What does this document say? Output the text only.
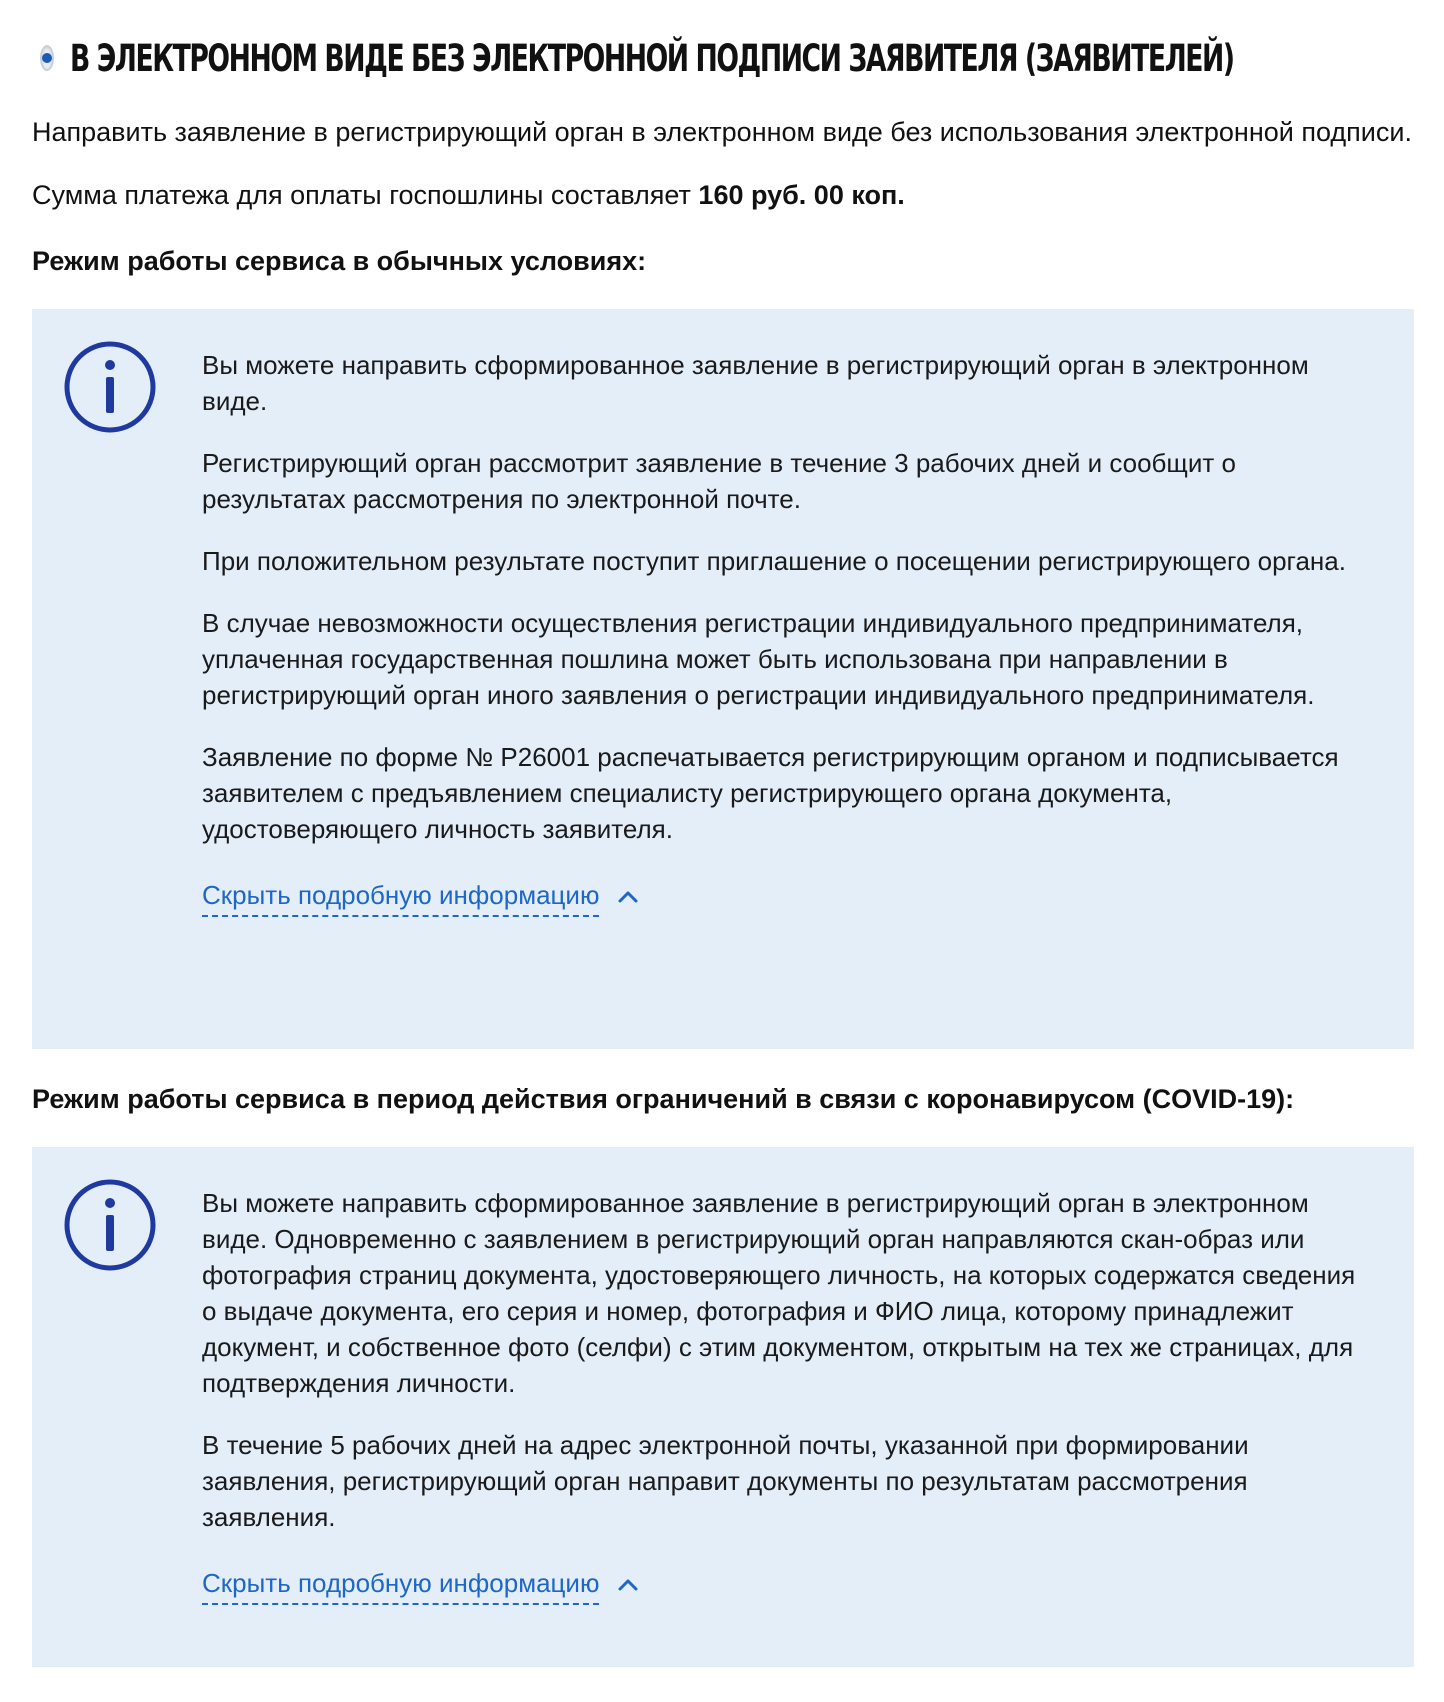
В ЭЛЕКТРОННОМ ВИДЕ БЕЗ ЭЛЕКТРОННОЙ ПОДПИСИ ЗАЯВИТЕЛЯ (ЗАЯВИТЕЛЕЙ)

Направить заявление в регистрирующий орган в электронном виде без использования электронной подписи.

Сумма платежа для оплаты госпошлины составляет 160 руб. 00 коп.

Режим работы сервиса в обычных условиях:

Вы можете направить сформированное заявление в регистрирующий орган в электронном виде.

Регистрирующий орган рассмотрит заявление в течение 3 рабочих дней и сообщит о результатах рассмотрения по электронной почте.

При положительном результате поступит приглашение о посещении регистрирующего органа.

В случае невозможности осуществления регистрации индивидуального предпринимателя, уплаченная государственная пошлина может быть использована при направлении в регистрирующий орган иного заявления о регистрации индивидуального предпринимателя.

Заявление по форме № Р26001 распечатывается регистрирующим органом и подписывается заявителем с предъявлением специалисту регистрирующего органа документа, удостоверяющего личность заявителя.

Скрыть подробную информацию

Режим работы сервиса в период действия ограничений в связи с коронавирусом (COVID-19):

Вы можете направить сформированное заявление в регистрирующий орган в электронном виде. Одновременно с заявлением в регистрирующий орган направляются скан-образ или фотография страниц документа, удостоверяющего личность, на которых содержатся сведения о выдаче документа, его серия и номер, фотография и ФИО лица, которому принадлежит документ, и собственное фото (селфи) с этим документом, открытым на тех же страницах, для подтверждения личности.

В течение 5 рабочих дней на адрес электронной почты, указанной при формировании заявления, регистрирующий орган направит документы по результатам рассмотрения заявления.

Скрыть подробную информацию
